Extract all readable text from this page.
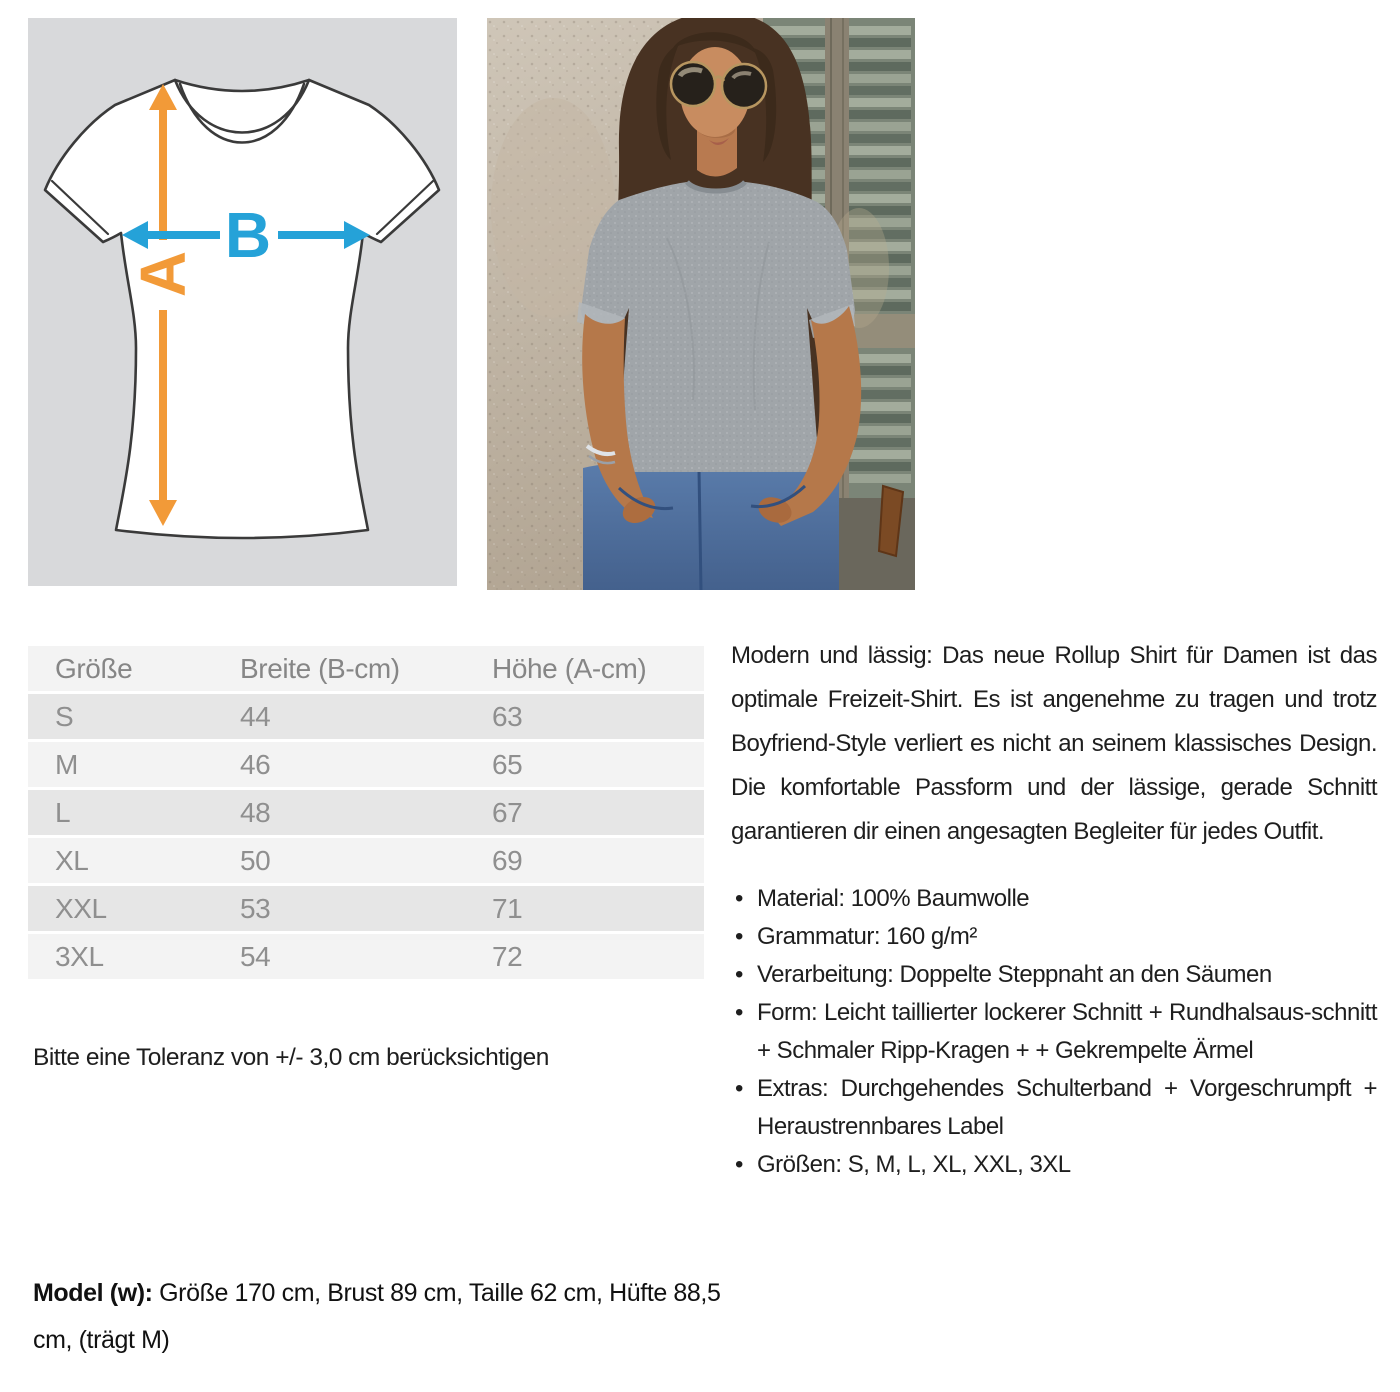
A
B
Größe	Breite (B-cm)	Höhe (A-cm)
S	44	63
M	46	65
L	48	67
XL	50	69
XXL	53	71
3XL	54	72
Bitte eine Toleranz von +/- 3,0 cm berücksichtigen

Modern und lässig: Das neue Rollup Shirt für Damen ist das optimale Freizeit-Shirt. Es ist angenehme zu tragen und trotz Boyfriend-Style verliert es nicht an seinem klassisches Design. Die komfortable Passform und der lässige, gerade Schnitt garantieren dir einen angesagten Begleiter für jedes Outfit.

• Material: 100% Baumwolle
• Grammatur: 160 g/m²
• Verarbeitung: Doppelte Steppnaht an den Säumen
• Form: Leicht taillierter lockerer Schnitt + Rundhalsaus-schnitt + Schmaler Ripp-Kragen + + Gekrempelte Ärmel
• Extras: Durchgehendes Schulterband + Vorgeschrumpft + Heraustrennbares Label
• Größen: S, M, L, XL, XXL, 3XL
Model (w): Größe 170 cm, Brust 89 cm, Taille 62 cm, Hüfte 88,5 cm, (trägt M)
